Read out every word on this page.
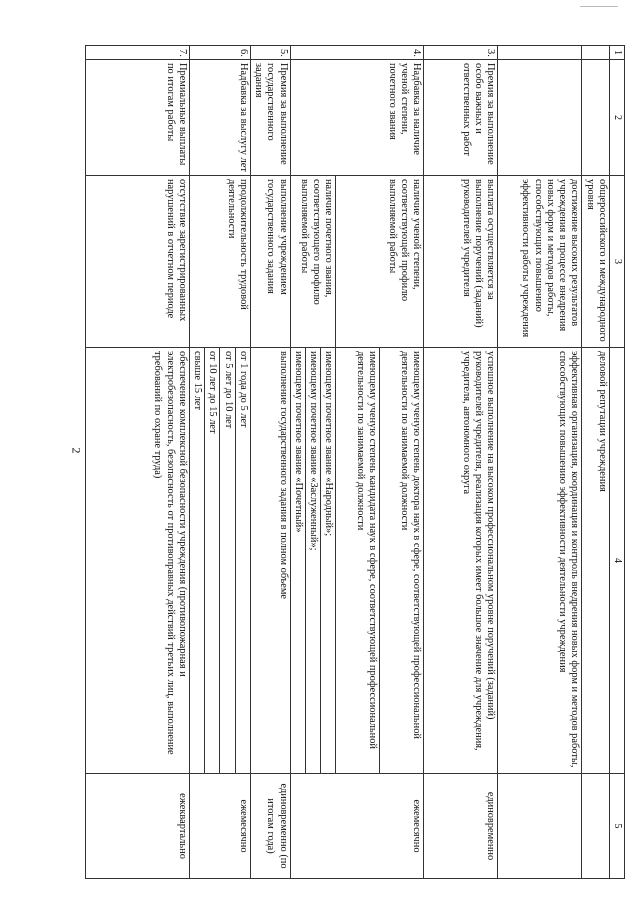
2
1	2	3	4	5
		общероссийского и международного уровня	деловой репутации учреждения	
		достижение высоких результатов учреждения в процессе внедрения новых форм и методов работы, способствующих повышению эффективности работы учреждения	эффективная организация, координация и контроль внедрения новых форм и методов работы, способствующих повышению эффективности деятельности учреждения	
3.	Премия за выполнение особо важных и ответственных работ	выплата осуществляется за выполнение поручений (заданий) руководителей учредителя	успешное выполнение на высоком профессиональном уровне поручений (заданий) руководителей учредителя, реализация которых имеет большое значение для учреждения, учредителя, автономного округа	единовременно
4.	Надбавка за наличие ученой степени, почетного звания	наличие ученой степени, соответствующей профилю выполняемой работы	имеющему ученую степень доктора наук в сфере, соответствующей профессиональной деятельности по занимаемой должности	ежемесячно
			имеющему ученую степень кандидата наук в сфере, соответствующей профессиональной деятельности по занимаемой должности	
		наличие почетного звания, соответствующего профилю выполняемой работы	имеющему почетное звание «Народный»;	
			имеющему почетное звание «Заслуженный»;	
			имеющему почетное звание «Почетный»	
5.	Премия за выполнение государственного задания	выполнение учреждением государственного задания	выполнение государственного задания в полном объеме	единовременно (по итогам года)
6.	Надбавка за выслугу лет	продолжительность трудовой деятельности	от 1 года до 5 лет	ежемесячно
			от 5 лет до 10 лет	
			от 10 лет до 15 лет	
			свыше 15 лет	
7.	Премиальные выплаты по итогам работы	отсутствие зарегистрированных нарушений в отчетном периоде	обеспечение комплексной безопасности учреждения (противопожарная и электробезопасность, безопасность от противоправных действий третьих лиц, выполнение требований по охране труда)	ежеквартально
